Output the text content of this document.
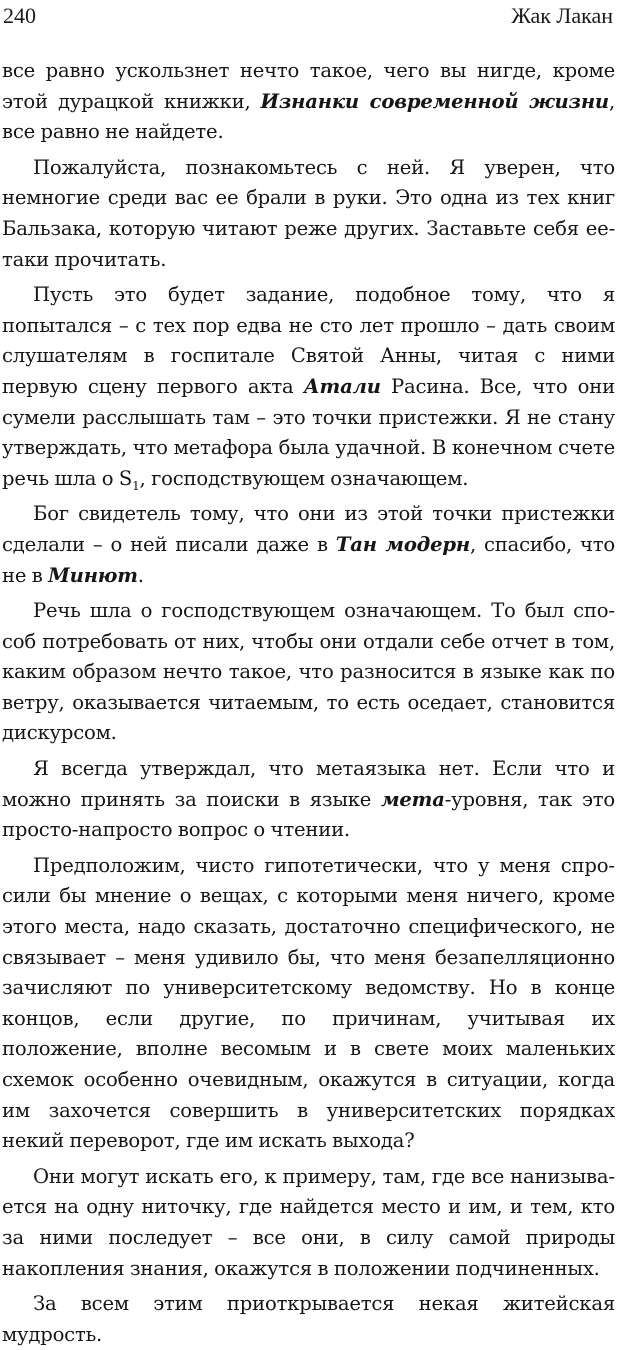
240	Жак Лакан

все равно ускользнет нечто такое, чего вы нигде, кроме этой дурацкой книжки, Изнанки современной жизни, все равно не найдете.

Пожалуйста, познакомьтесь с ней. Я уверен, что немногие среди вас ее брали в руки. Это одна из тех книг Бальзака, которую читают реже других. Заставьте себя ее-таки прочитать.

Пусть это будет задание, подобное тому, что я попытался – с тех пор едва не сто лет прошло – дать своим слушателям в госпитале Святой Анны, читая с ними первую сцену первого акта Атали Расина. Все, что они сумели расслышать там – это точки пристежки. Я не стану утверждать, что метафора была удачной. В конечном счете речь шла о $S_1$, господствующем означающем.

Бог свидетель тому, что они из этой точки пристежки сделали – о ней писали даже в Тан модерн, спасибо, что не в Минют.

Речь шла о господствующем означающем. То был способ потребовать от них, чтобы они отдали себе отчет в том, каким образом нечто такое, что разносится в языке как по ветру, оказывается читаемым, то есть оседает, становится дискурсом.

Я всегда утверждал, что метаязыка нет. Если что и можно принять за поиски в языке мета-уровня, так это просто-напросто вопрос о чтении.

Предположим, чисто гипотетически, что у меня спросили бы мнение о вещах, с которыми меня ничего, кроме этого места, надо сказать, достаточно специфического, не связывает – меня удивило бы, что меня безапелляционно зачисляют по университетскому ведомству. Но в конце концов, если другие, по причинам, учитывая их положение, вполне весомым и в свете моих маленьких схемок особенно очевидным, окажутся в ситуации, когда им захочется совершить в университетских порядках некий переворот, где им искать выхода?

Они могут искать его, к примеру, там, где все нанизывается на одну ниточку, где найдется место и им, и тем, кто за ними последует – все они, в силу самой природы накопления знания, окажутся в положении подчиненных.

За всем этим приоткрывается некая житейская мудрость.
